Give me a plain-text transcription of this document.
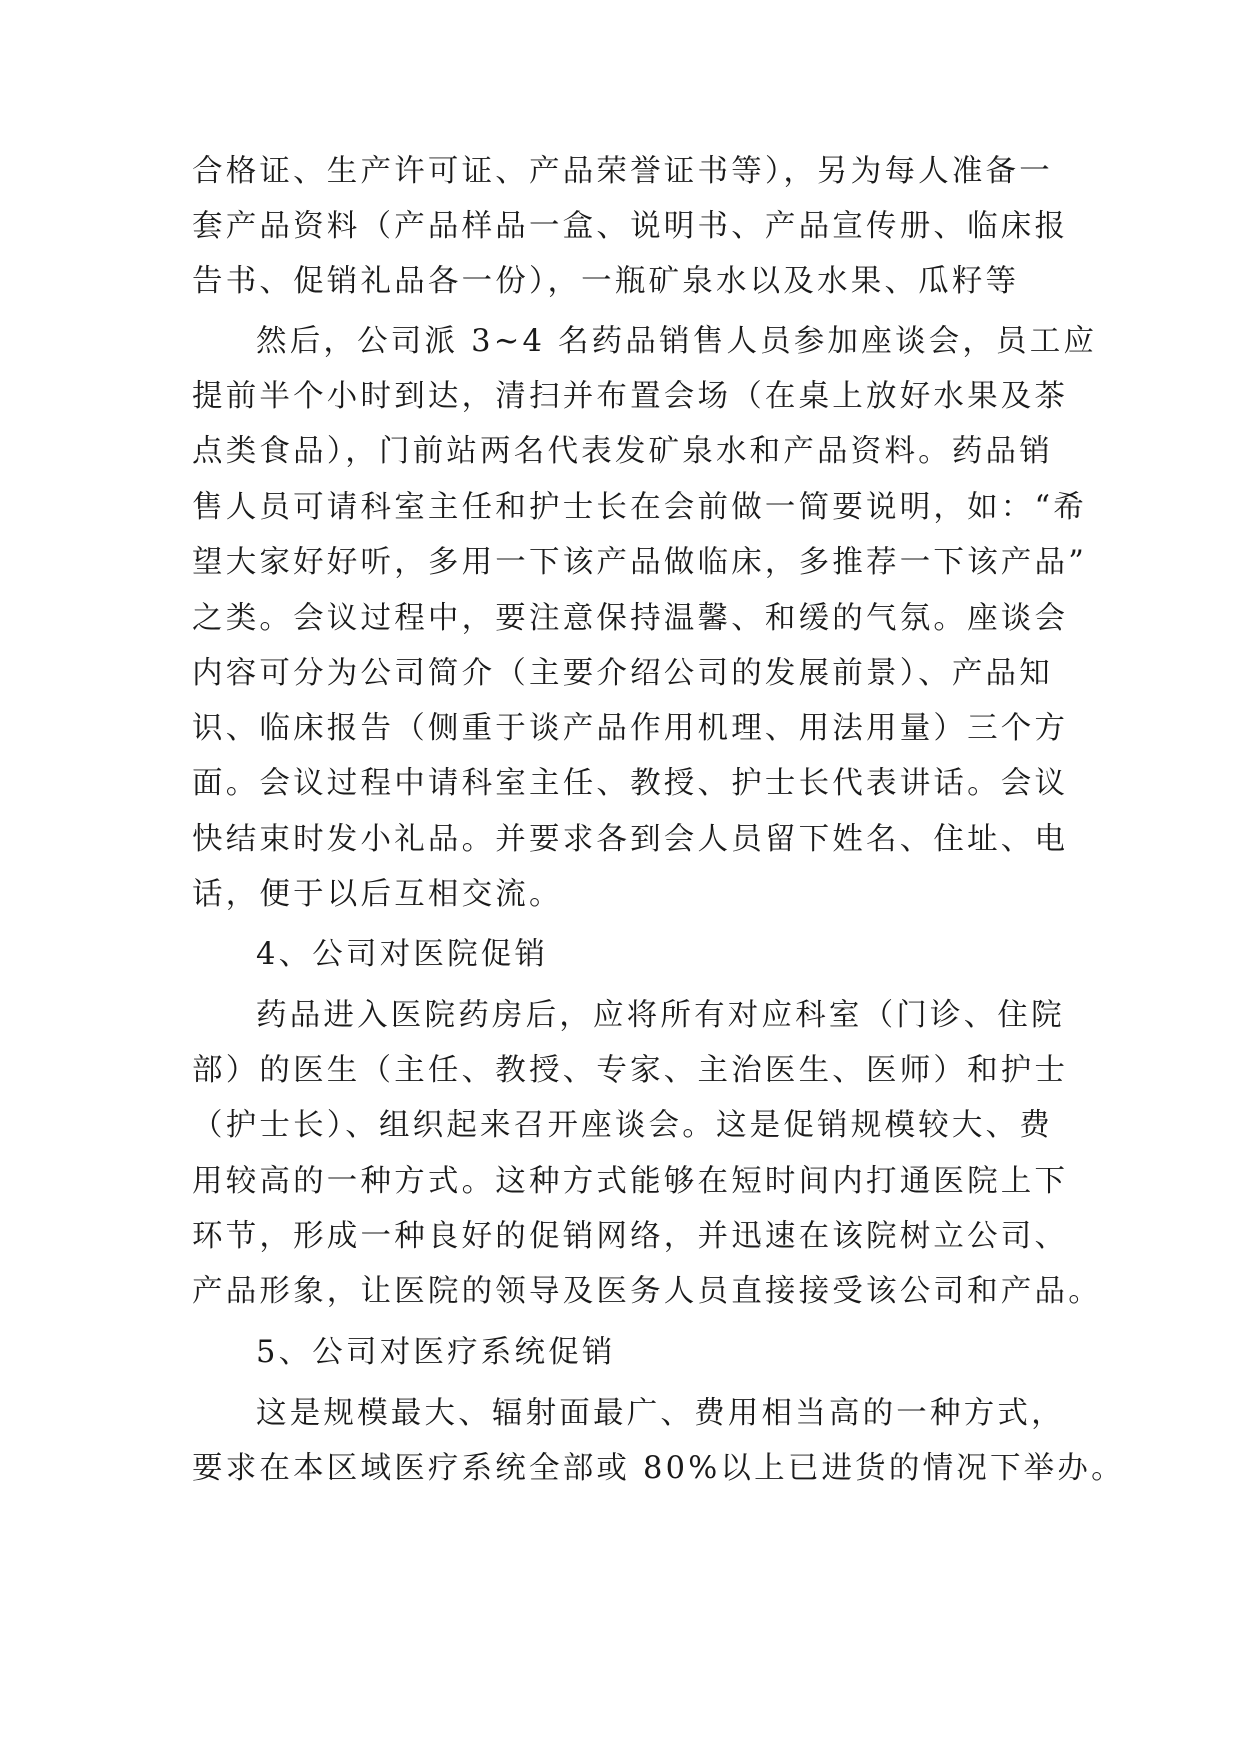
合格证、生产许可证、产品荣誉证书等），另为每人准备一

套产品资料（产品样品一盒、说明书、产品宣传册、临床报

告书、促销礼品各一份），一瓶矿泉水以及水果、瓜籽等

然后，公司派 3~4 名药品销售人员参加座谈会，员工应

提前半个小时到达，清扫并布置会场（在桌上放好水果及茶

点类食品），门前站两名代表发矿泉水和产品资料。药品销

售人员可请科室主任和护士长在会前做一简要说明，如：“希

望大家好好听，多用一下该产品做临床，多推荐一下该产品”

之类。会议过程中，要注意保持温馨、和缓的气氛。座谈会

内容可分为公司简介（主要介绍公司的发展前景）、产品知

识、临床报告（侧重于谈产品作用机理、用法用量）三个方

面。会议过程中请科室主任、教授、护士长代表讲话。会议

快结束时发小礼品。并要求各到会人员留下姓名、住址、电

话，便于以后互相交流。

4、公司对医院促销

药品进入医院药房后，应将所有对应科室（门诊、住院

部）的医生（主任、教授、专家、主治医生、医师）和护士

（护士长）、组织起来召开座谈会。这是促销规模较大、费

用较高的一种方式。这种方式能够在短时间内打通医院上下

环节，形成一种良好的促销网络，并迅速在该院树立公司、

产品形象，让医院的领导及医务人员直接接受该公司和产品。

5、公司对医疗系统促销

这是规模最大、辐射面最广、费用相当高的一种方式，

要求在本区域医疗系统全部或 80%以上已进货的情况下举办。
